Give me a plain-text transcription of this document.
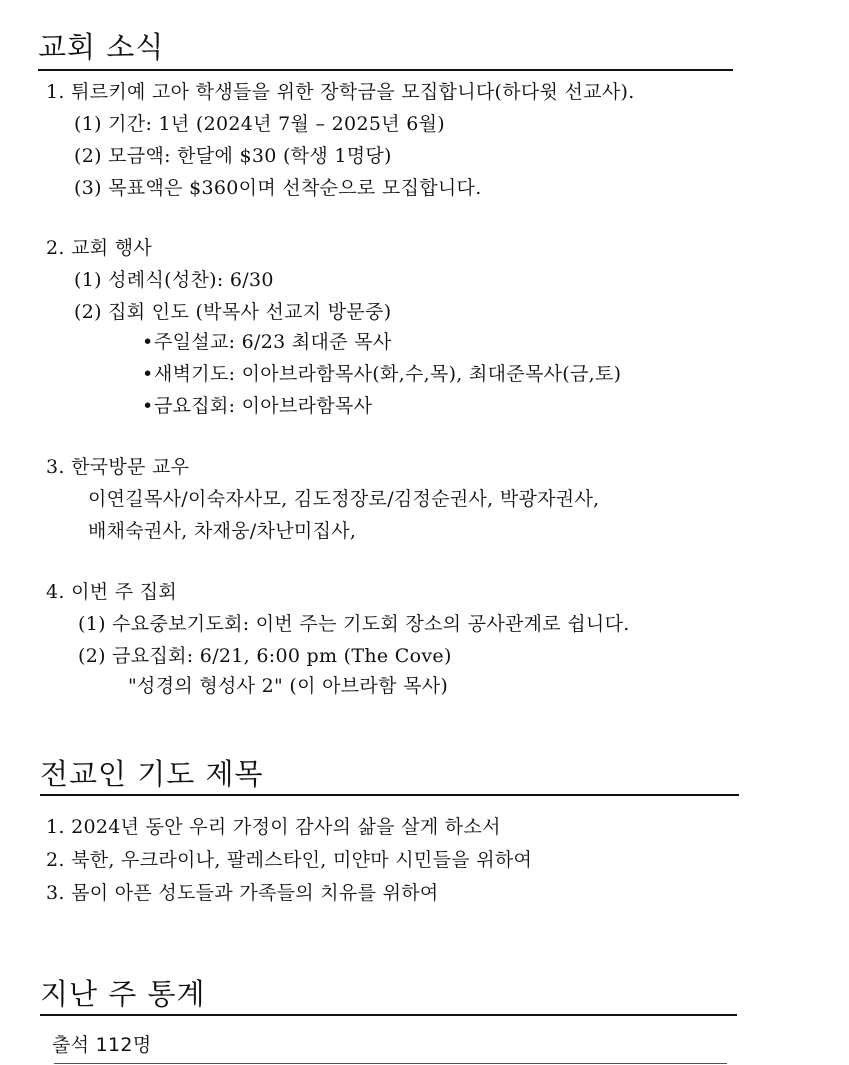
교회 소식
1. 튀르키예 고아 학생들을 위한 장학금을 모집합니다(하다윗 선교사).
(1) 기간: 1년 (2024년 7월 – 2025년 6월)
(2) 모금액: 한달에 $30 (학생 1명당)
(3) 목표액은 $360이며 선착순으로 모집합니다.
2. 교회 행사
(1) 성례식(성찬): 6/30
(2) 집회 인도 (박목사 선교지 방문중)
•주일설교: 6/23 최대준 목사
•새벽기도: 이아브라함목사(화,수,목), 최대준목사(금,토)
•금요집회: 이아브라함목사
3. 한국방문 교우
이연길목사/이숙자사모, 김도정장로/김정순권사, 박광자권사,
배채숙권사, 차재웅/차난미집사,
4. 이번 주 집회
(1) 수요중보기도회: 이번 주는 기도회 장소의 공사관계로 쉽니다.
(2) 금요집회: 6/21, 6:00 pm (The Cove)
"성경의 형성사 2" (이 아브라함 목사)
전교인 기도 제목
1. 2024년 동안 우리 가정이 감사의 삶을 살게 하소서
2. 북한, 우크라이나, 팔레스타인, 미얀마 시민들을 위하여
3. 몸이 아픈 성도들과 가족들의 치유를 위하여
지난 주 통계
출석 112명
